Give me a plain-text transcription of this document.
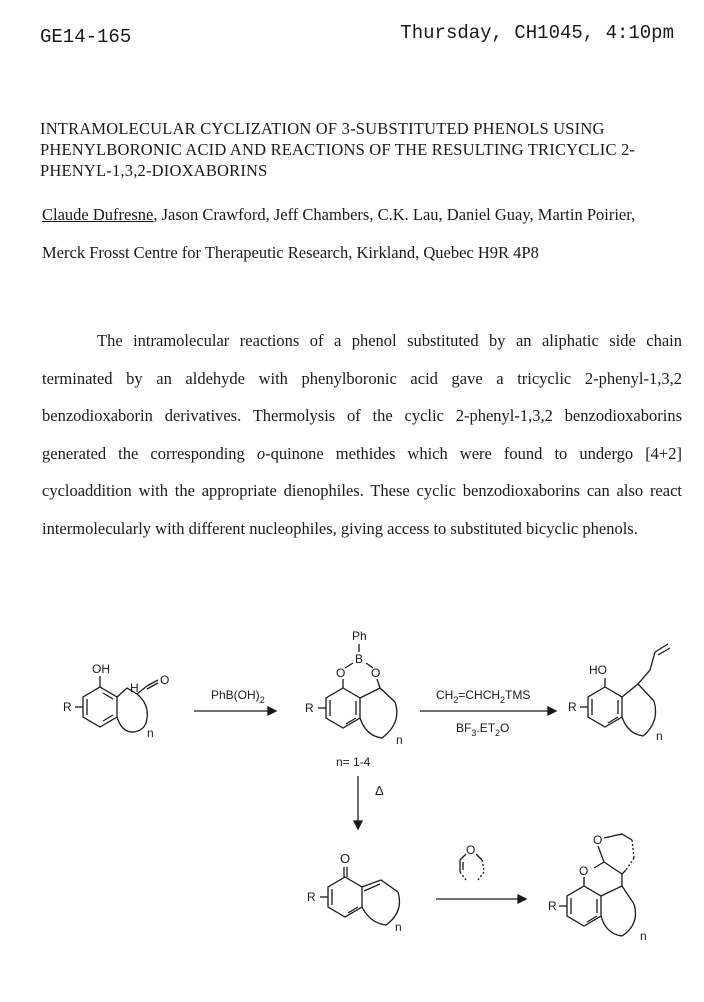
GE14-165	Thursday, CH1045, 4:10pm
INTRAMOLECULAR CYCLIZATION OF 3-SUBSTITUTED PHENOLS USING PHENYLBORONIC ACID AND REACTIONS OF THE RESULTING TRICYCLIC 2-PHENYL-1,3,2-DIOXABORINS
Claude Dufresne, Jason Crawford, Jeff Chambers, C.K. Lau, Daniel Guay, Martin Poirier,
Merck Frosst Centre for Therapeutic Research, Kirkland, Quebec H9R 4P8

The intramolecular reactions of a phenol substituted by an aliphatic side chain terminated by an aldehyde with phenylboronic acid gave a tricyclic 2-phenyl-1,3,2 benzodioxaborin derivatives. Thermolysis of the cyclic 2-phenyl-1,3,2 benzodioxaborins generated the corresponding o-quinone methides which were found to undergo [4+2] cycloaddition with the appropriate dienophiles. These cyclic benzodioxaborins can also react intermolecularly with different nucleophiles, giving access to substituted bicyclic phenols.

OH
H
O
R
n
$PhB(OH)_2$
Ph
B
O O
R
n
n= 1-4
$CH_2=CHCH_2TMS$
$BF_3.ET_2O$
HO
R
n
Δ
O
R
n
O
O
O
R
n
